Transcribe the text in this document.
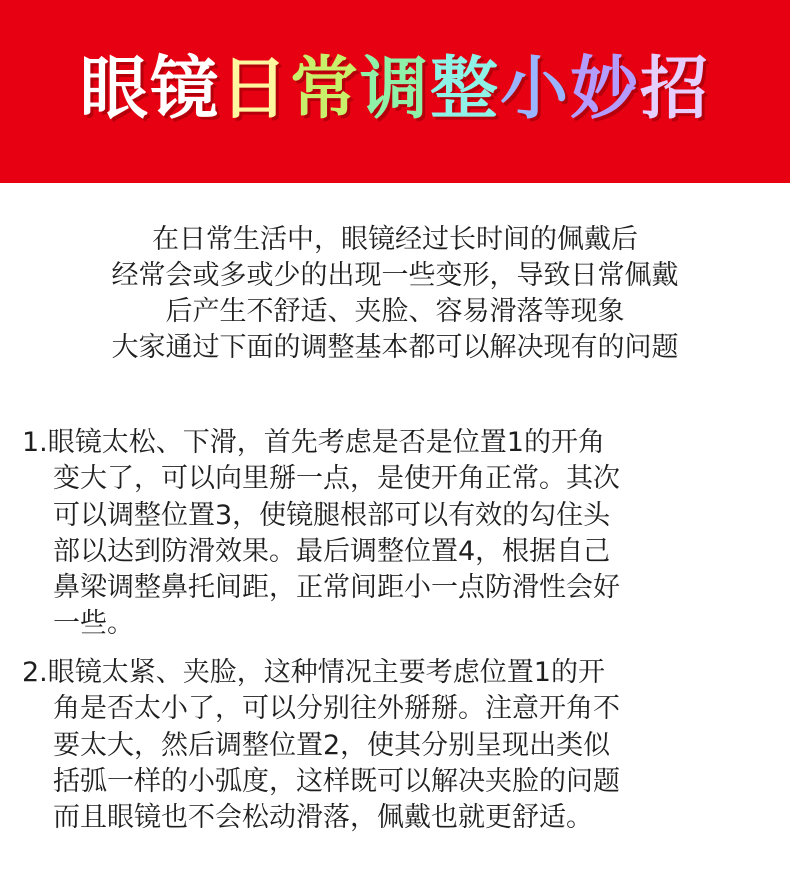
眼镜日常调整小妙招
在日常生活中，眼镜经过长时间的佩戴后
经常会或多或少的出现一些变形，导致日常佩戴
后产生不舒适、夹脸、容易滑落等现象
大家通过下面的调整基本都可以解决现有的问题
1.眼镜太松、下滑，首先考虑是否是位置1的开角
变大了，可以向里掰一点，是使开角正常。其次
可以调整位置3，使镜腿根部可以有效的勾住头
部以达到防滑效果。最后调整位置4，根据自己
鼻梁调整鼻托间距，正常间距小一点防滑性会好
一些。
2.眼镜太紧、夹脸，这种情况主要考虑位置1的开
角是否太小了，可以分别往外掰掰。注意开角不
要太大，然后调整位置2，使其分别呈现出类似
括弧一样的小弧度，这样既可以解决夹脸的问题
而且眼镜也不会松动滑落，佩戴也就更舒适。
